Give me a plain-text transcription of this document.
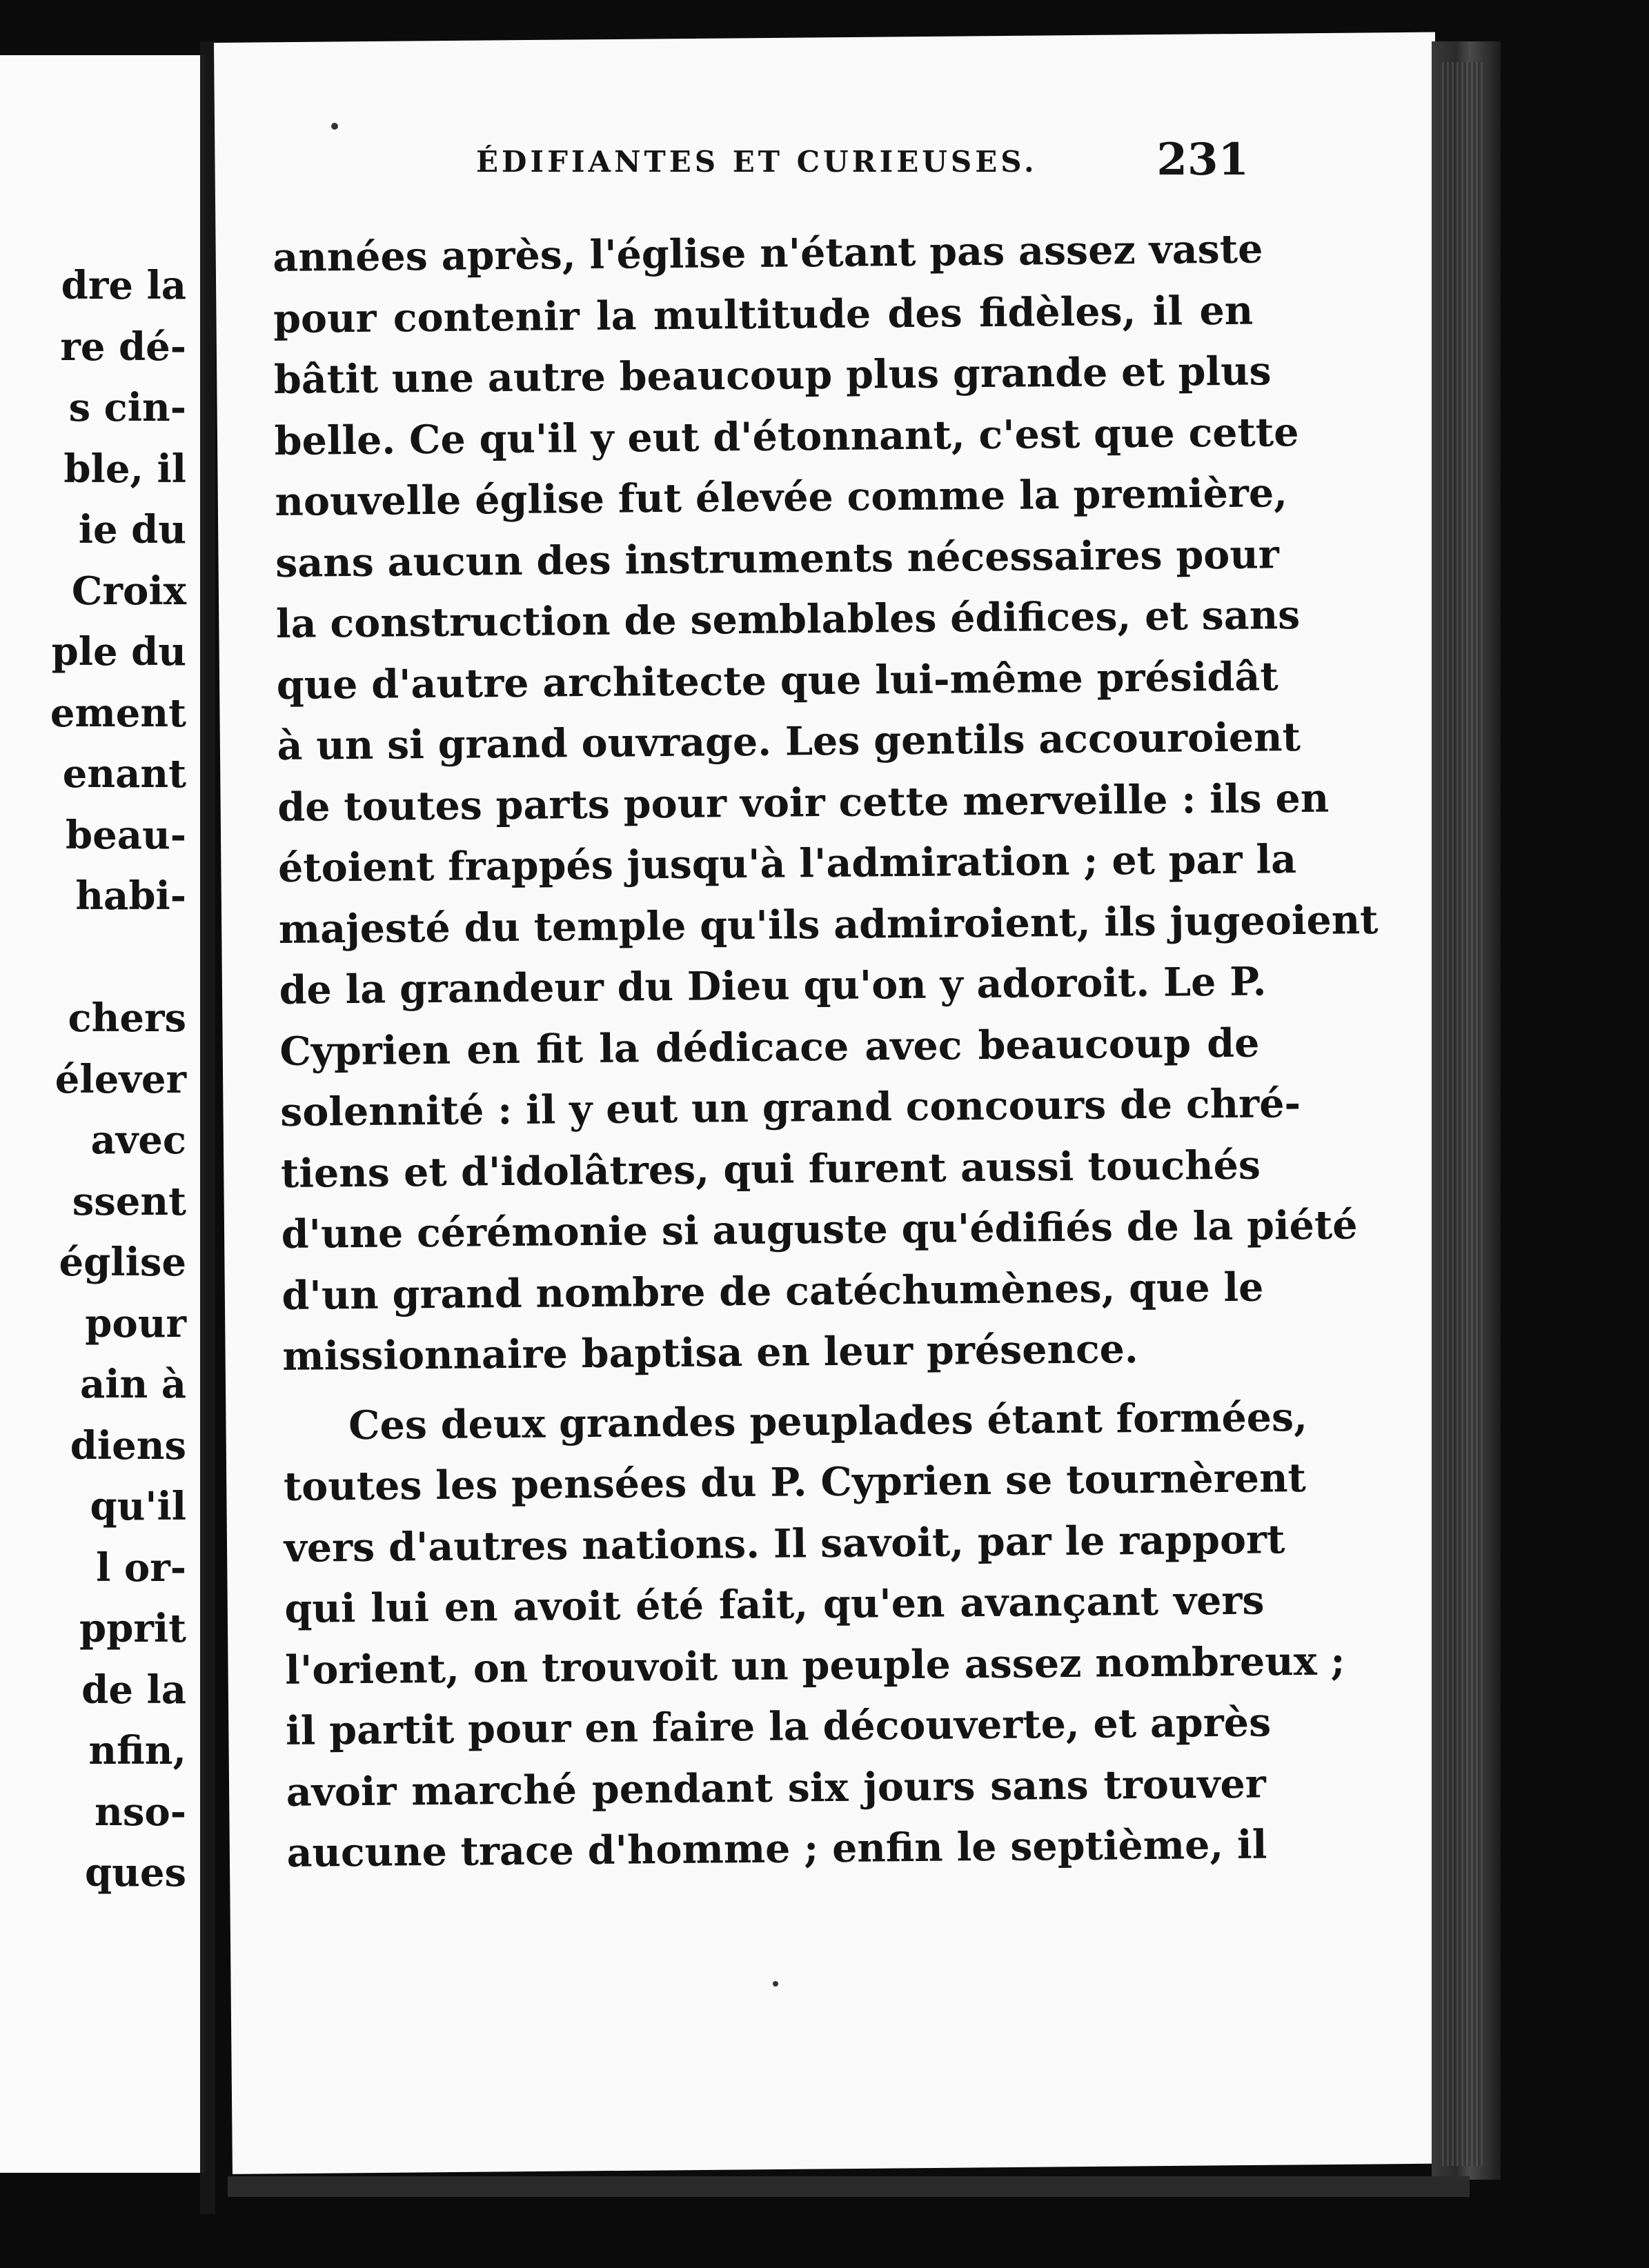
dre la
re dé-
s cin-
ble, il
ie du
Croix
ple du
ement
enant
beau-
habi-
chers
élever
avec
ssent
église
pour
ain à
diens
qu'il
l or-
pprit
de la
nfin,
nso-
ques
ÉDIFIANTES ET CURIEUSES.	231
années après, l'église n'étant pas assez vaste
pour contenir la multitude des fidèles, il en
bâtit une autre beaucoup plus grande et plus
belle. Ce qu'il y eut d'étonnant, c'est que cette
nouvelle église fut élevée comme la première,
sans aucun des instruments nécessaires pour
la construction de semblables édifices, et sans
que d'autre architecte que lui-même présidât
à un si grand ouvrage. Les gentils accouroient
de toutes parts pour voir cette merveille : ils en
étoient frappés jusqu'à l'admiration ; et par la
majesté du temple qu'ils admiroient, ils jugeoient
de la grandeur du Dieu qu'on y adoroit. Le P.
Cyprien en fit la dédicace avec beaucoup de
solennité : il y eut un grand concours de chré-
tiens et d'idolâtres, qui furent aussi touchés
d'une cérémonie si auguste qu'édifiés de la piété
d'un grand nombre de catéchumènes, que le
missionnaire baptisa en leur présence.
Ces deux grandes peuplades étant formées,
toutes les pensées du P. Cyprien se tournèrent
vers d'autres nations. Il savoit, par le rapport
qui lui en avoit été fait, qu'en avançant vers
l'orient, on trouvoit un peuple assez nombreux ;
il partit pour en faire la découverte, et après
avoir marché pendant six jours sans trouver
aucune trace d'homme ; enfin le septième, il
